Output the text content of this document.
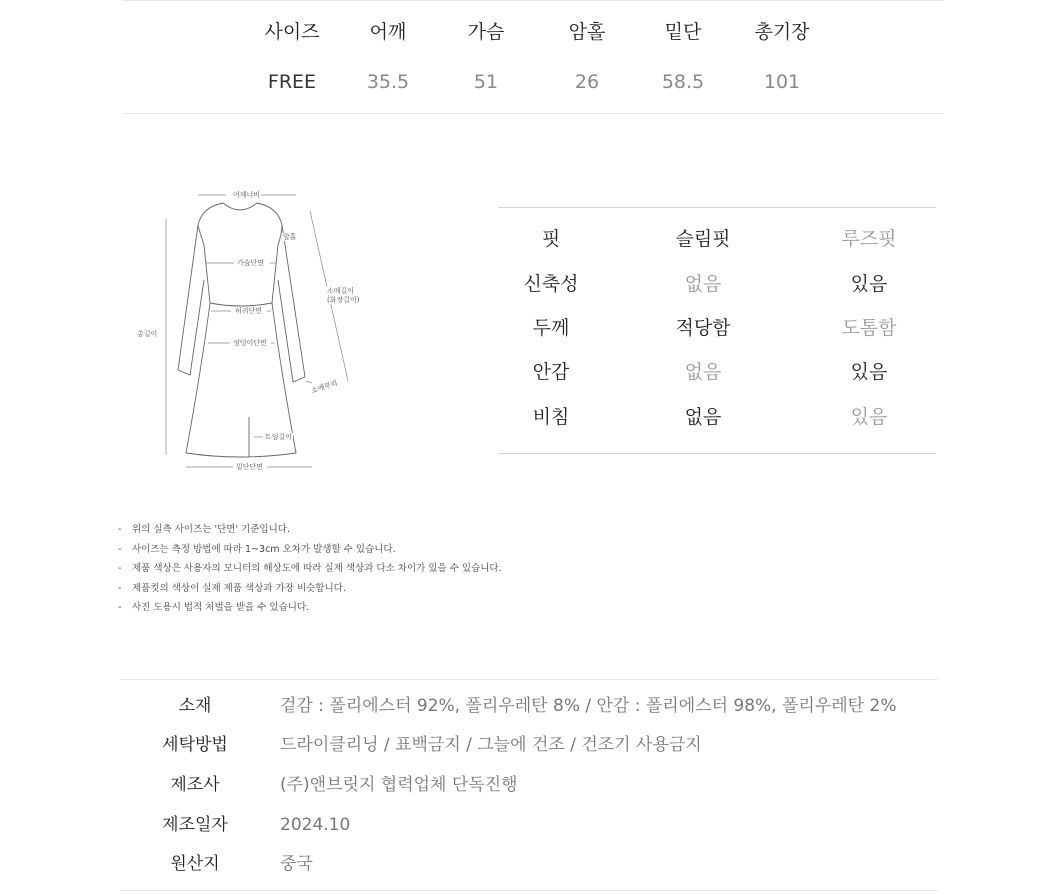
사이즈	어깨	가슴	암홀	밑단	총기장
FREE	35.5	51	26	58.5	101
어깨너비
암홀
가슴단면
소매길이
(화장길이)
허리단면
엉덩이단면
총길이
소매부리
트임길이
밑단단면
핏	슬림핏	루즈핏
신축성	없음	있음
두께	적당함	도톰함
안감	없음	있음
비침	없음	있음
- 위의 실측 사이즈는 '단면' 기준입니다.
- 사이즈는 측정 방법에 따라 1~3cm 오차가 발생할 수 있습니다.
- 제품 색상은 사용자의 모니터의 해상도에 따라 실제 색상과 다소 차이가 있을 수 있습니다.
- 제품컷의 색상이 실제 제품 색상과 가장 비슷합니다.
- 사진 도용시 법적 처벌을 받을 수 있습니다.
소재	겉감 : 폴리에스터 92%, 폴리우레탄 8% / 안감 : 폴리에스터 98%, 폴리우레탄 2%
세탁방법	드라이클리닝 / 표백금지 / 그늘에 건조 / 건조기 사용금지
제조사	(주)앤브릿지 협력업체 단독진행
제조일자	2024.10
원산지	중국
